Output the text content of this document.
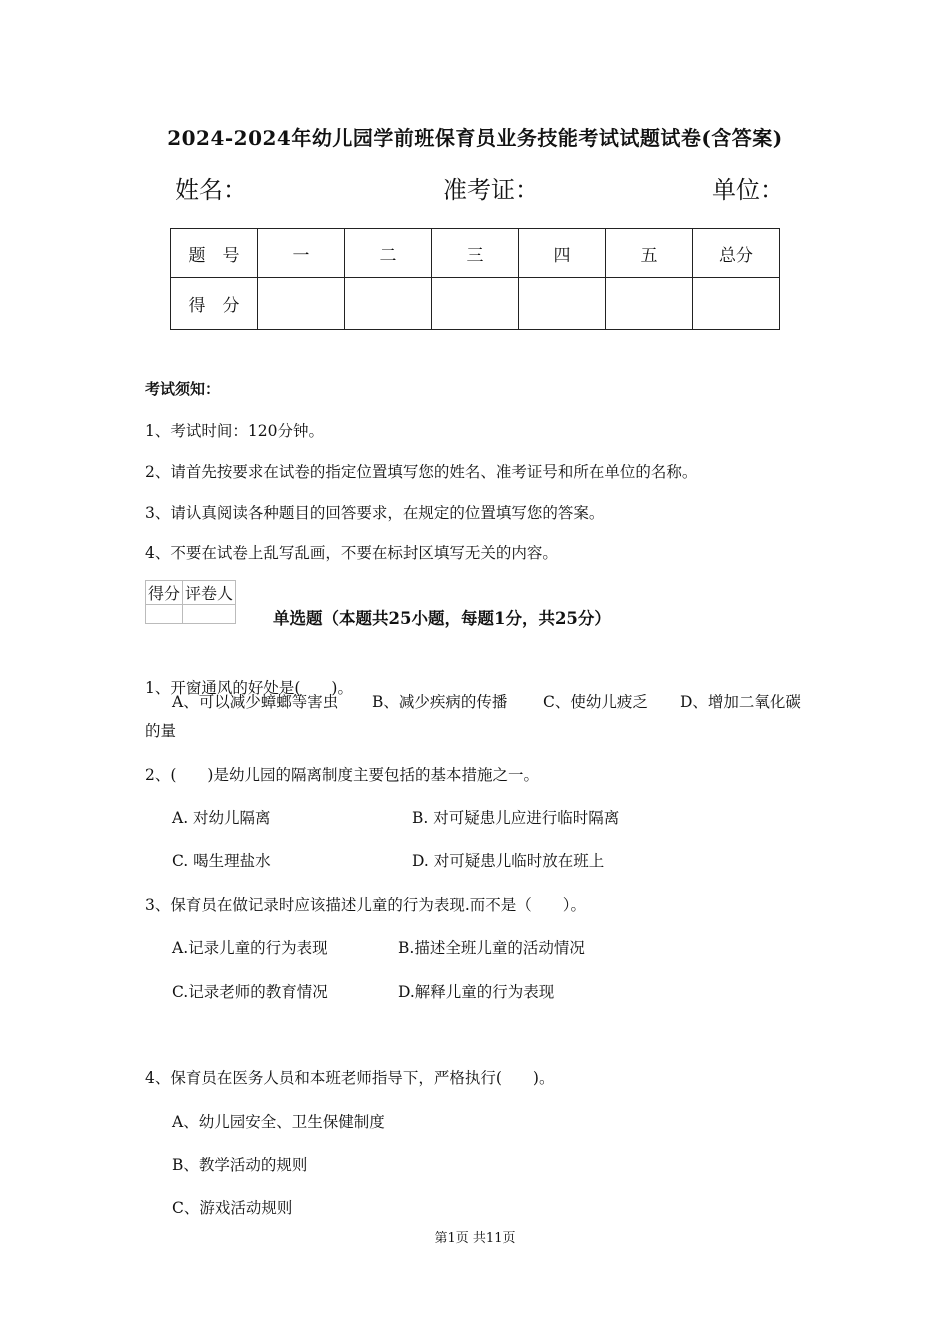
2024-2024年幼儿园学前班保育员业务技能考试试题试卷(含答案)
姓名：	准考证：	单位：
题　号	一	二	三	四	五	总分
得　分						
考试须知：
1、考试时间：120分钟。
2、请首先按要求在试卷的指定位置填写您的姓名、准考证号和所在单位的名称。
3、请认真阅读各种题目的回答要求，在规定的位置填写您的答案。
4、不要在试卷上乱写乱画，不要在标封区填写无关的内容。
得分	评卷人

单选题（本题共25小题，每题1分，共25分）
1、开窗通风的好处是(　　)。
A、可以减少蟑螂等害虫 B、减少疾病的传播 C、使幼儿疲乏 D、增加二氧化碳
的量
2、(　　)是幼儿园的隔离制度主要包括的基本措施之一。
A. 对幼儿隔离	B. 对可疑患儿应进行临时隔离
C. 喝生理盐水	D. 对可疑患儿临时放在班上
3、保育员在做记录时应该描述儿童的行为表现.而不是（　　）。
A.记录儿童的行为表现	B.描述全班儿童的活动情况
C.记录老师的教育情况	D.解释儿童的行为表现
4、保育员在医务人员和本班老师指导下，严格执行(　　)。
A、幼儿园安全、卫生保健制度
B、教学活动的规则
C、游戏活动规则
第1页 共11页
